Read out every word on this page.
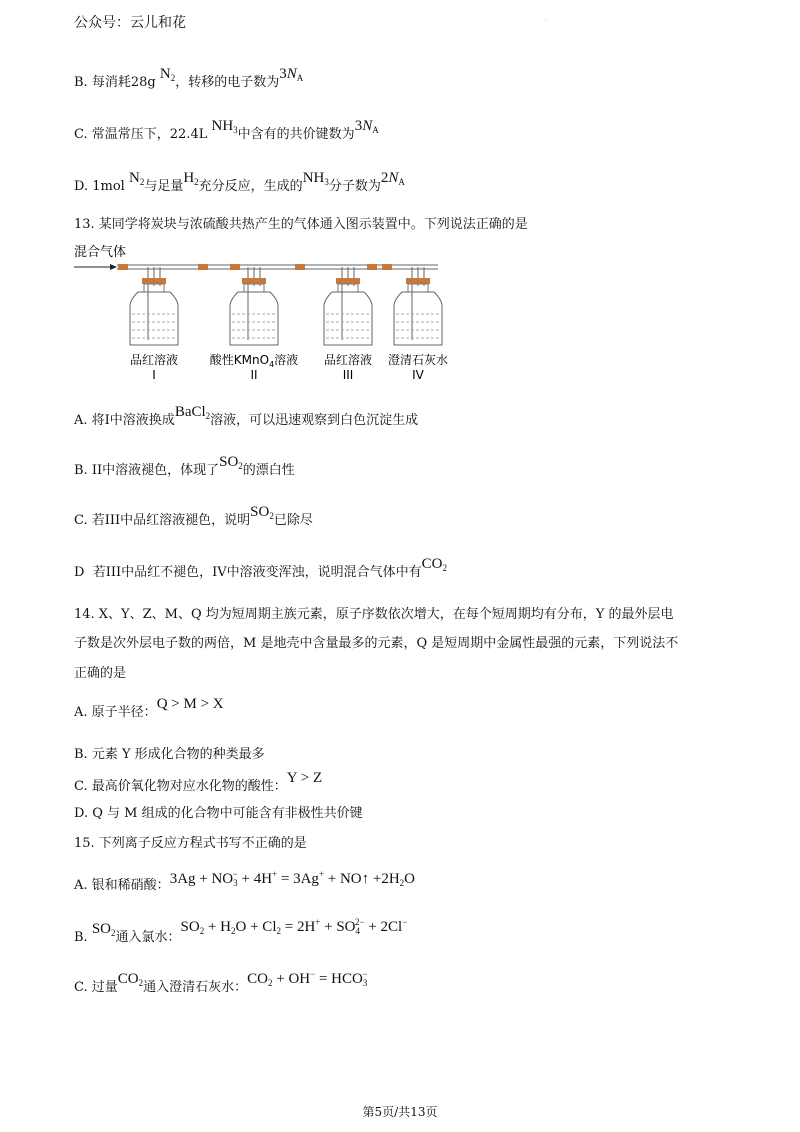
公众号：云儿和花	·
B. 每消耗28g $N_2$，转移的电子数为$3N_A$
C. 常温常压下，22.4L $NH_3$中含有的共价键数为$3N_A$
D. 1mol $N_2$与足量$H_2$充分反应，生成的$NH_3$分子数为$2N_A$
13. 某同学将炭块与浓硫酸共热产生的气体通入图示装置中。下列说法正确的是
混合气体
品红溶液
I
酸性KMnO$_4$溶液
II
品红溶液
III
澄清石灰水
IV
A. 将I中溶液换成BaCl$_2$溶液，可以迅速观察到白色沉淀生成
B. II中溶液褪色，体现了$SO_2$的漂白性
C. 若III中品红溶液褪色，说明$SO_2$已除尽
D 若III中品红不褪色，IV中溶液变浑浊，说明混合气体中有$CO_2$
14. X、Y、Z、M、Q 均为短周期主族元素，原子序数依次增大，在每个短周期均有分布，Y 的最外层电
子数是次外层电子数的两倍，M 是地壳中含量最多的元素，Q 是短周期中金属性最强的元素，下列说法不
正确的是
A. 原子半径：Q > M > X
B. 元素 Y 形成化合物的种类最多
C. 最高价氧化物对应水化物的酸性：Y > Z
D. Q 与 M 组成的化合物中可能含有非极性共价键
15. 下列离子反应方程式书写不正确的是
A. 银和稀硝酸：$3Ag + NO_3^- + 4H^+ = 3Ag^+$ + NO↑ $+2H_2O$
B. $SO_2$通入氯水：$SO_2 + H_2O + Cl_2 = 2H^+ + SO_4^{2-} + 2Cl^-$
C. 过量$CO_2$通入澄清石灰水：$CO_2 + OH^- = HCO_3^-$
第5页/共13页
